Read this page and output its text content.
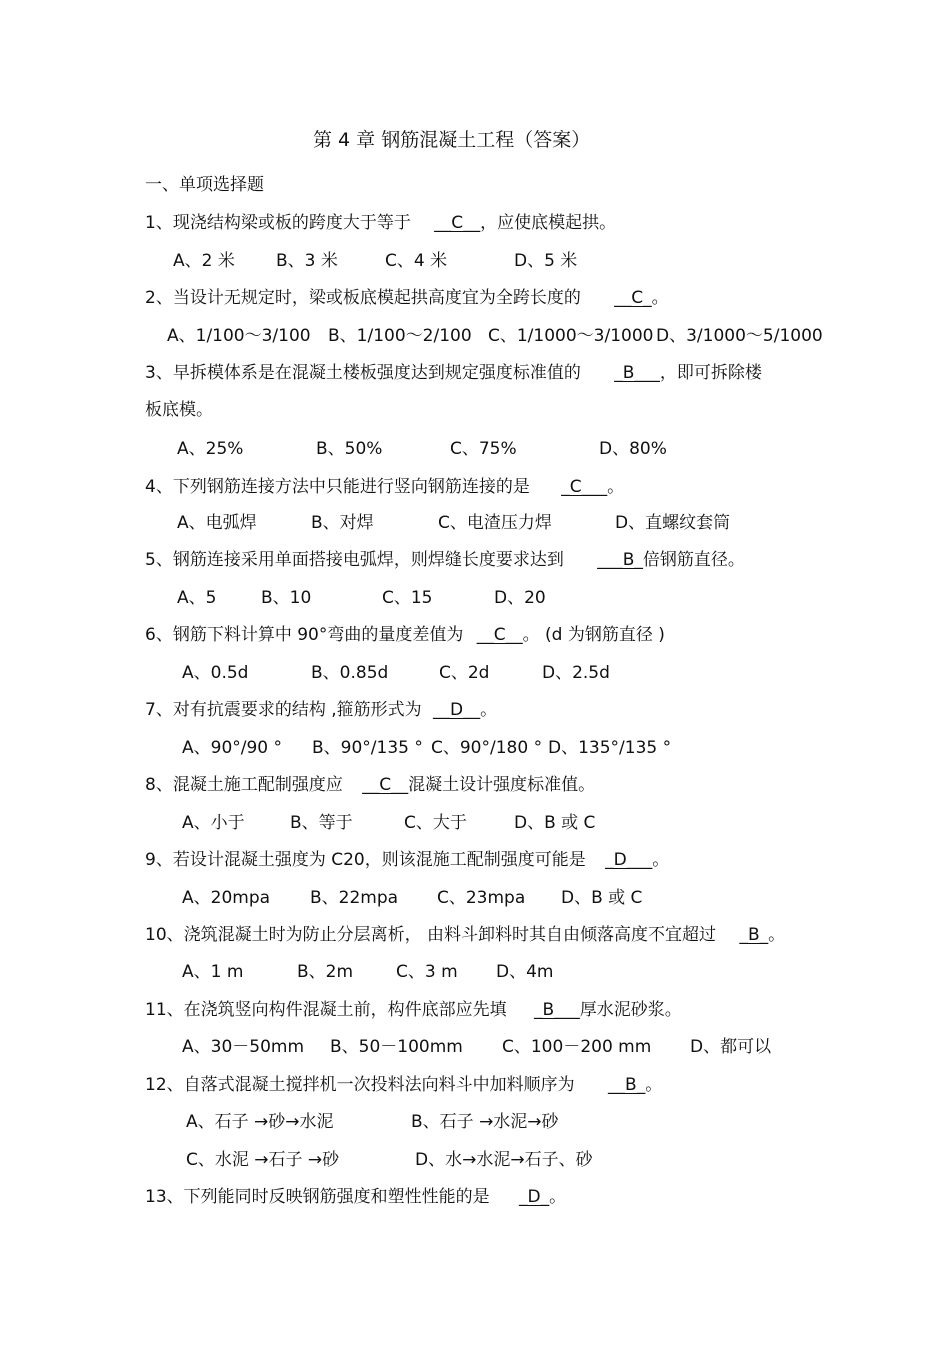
第 4 章 钢筋混凝土工程（答案）
一、单项选择题
1、现浇结构梁或板的跨度大于等于 __C__，应使底模起拱。
A、2 米 B、3 米	C、4 米	D、5 米
2、当设计无规定时，梁或板底模起拱高度宜为全跨长度的 __C_。
A、1/100～3/100 B、1/100～2/100 C、1/1000～3/1000 D、3/1000～5/1000
3、早拆模体系是在混凝土楼板强度达到规定强度标准值的 _B___，即可拆除楼
板底模。
A、25%	B、50%	C、75%	D、80%
4、下列钢筋连接方法中只能进行竖向钢筋连接的是 _C___。
A、电弧焊	B、对焊	C、电渣压力焊	D、直螺纹套筒
5、钢筋连接采用单面搭接电弧焊，则焊缝长度要求达到 ___B_倍钢筋直径。
A、5	B、10	C、15	D、20
6、钢筋下料计算中 90°弯曲的量度差值为 __C__。 (d 为钢筋直径 )
A、0.5d	B、0.85d	C、2d	D、2.5d
7、对有抗震要求的结构 ,箍筋形式为 __D__。
A、90°/90 ° B、90°/135 ° C、90°/180 ° D、135°/135 °
8、混凝土施工配制强度应 __C__混凝土设计强度标准值。
A、小于	B、等于	C、大于	D、B 或 C
9、若设计混凝土强度为 C20，则该混施工配制强度可能是 _D___。
A、20mpa B、22mpa C、23mpa D、B 或 C
10、浇筑混凝土时为防止分层离析， 由料斗卸料时其自由倾落高度不宜超过 _B_。
A、1 m	B、2m	C、3 m D、4m
11、在浇筑竖向构件混凝土前，构件底部应先填 _B___厚水泥砂浆。
A、30－50mm B、50－100mm C、100－200 mm D、都可以
12、自落式混凝土搅拌机一次投料法向料斗中加料顺序为 __B_。
A、石子 →砂→水泥	B、石子 →水泥→砂
C、水泥 →石子 →砂	D、水→水泥→石子、砂
13、下列能同时反映钢筋强度和塑性性能的是 _D_。
